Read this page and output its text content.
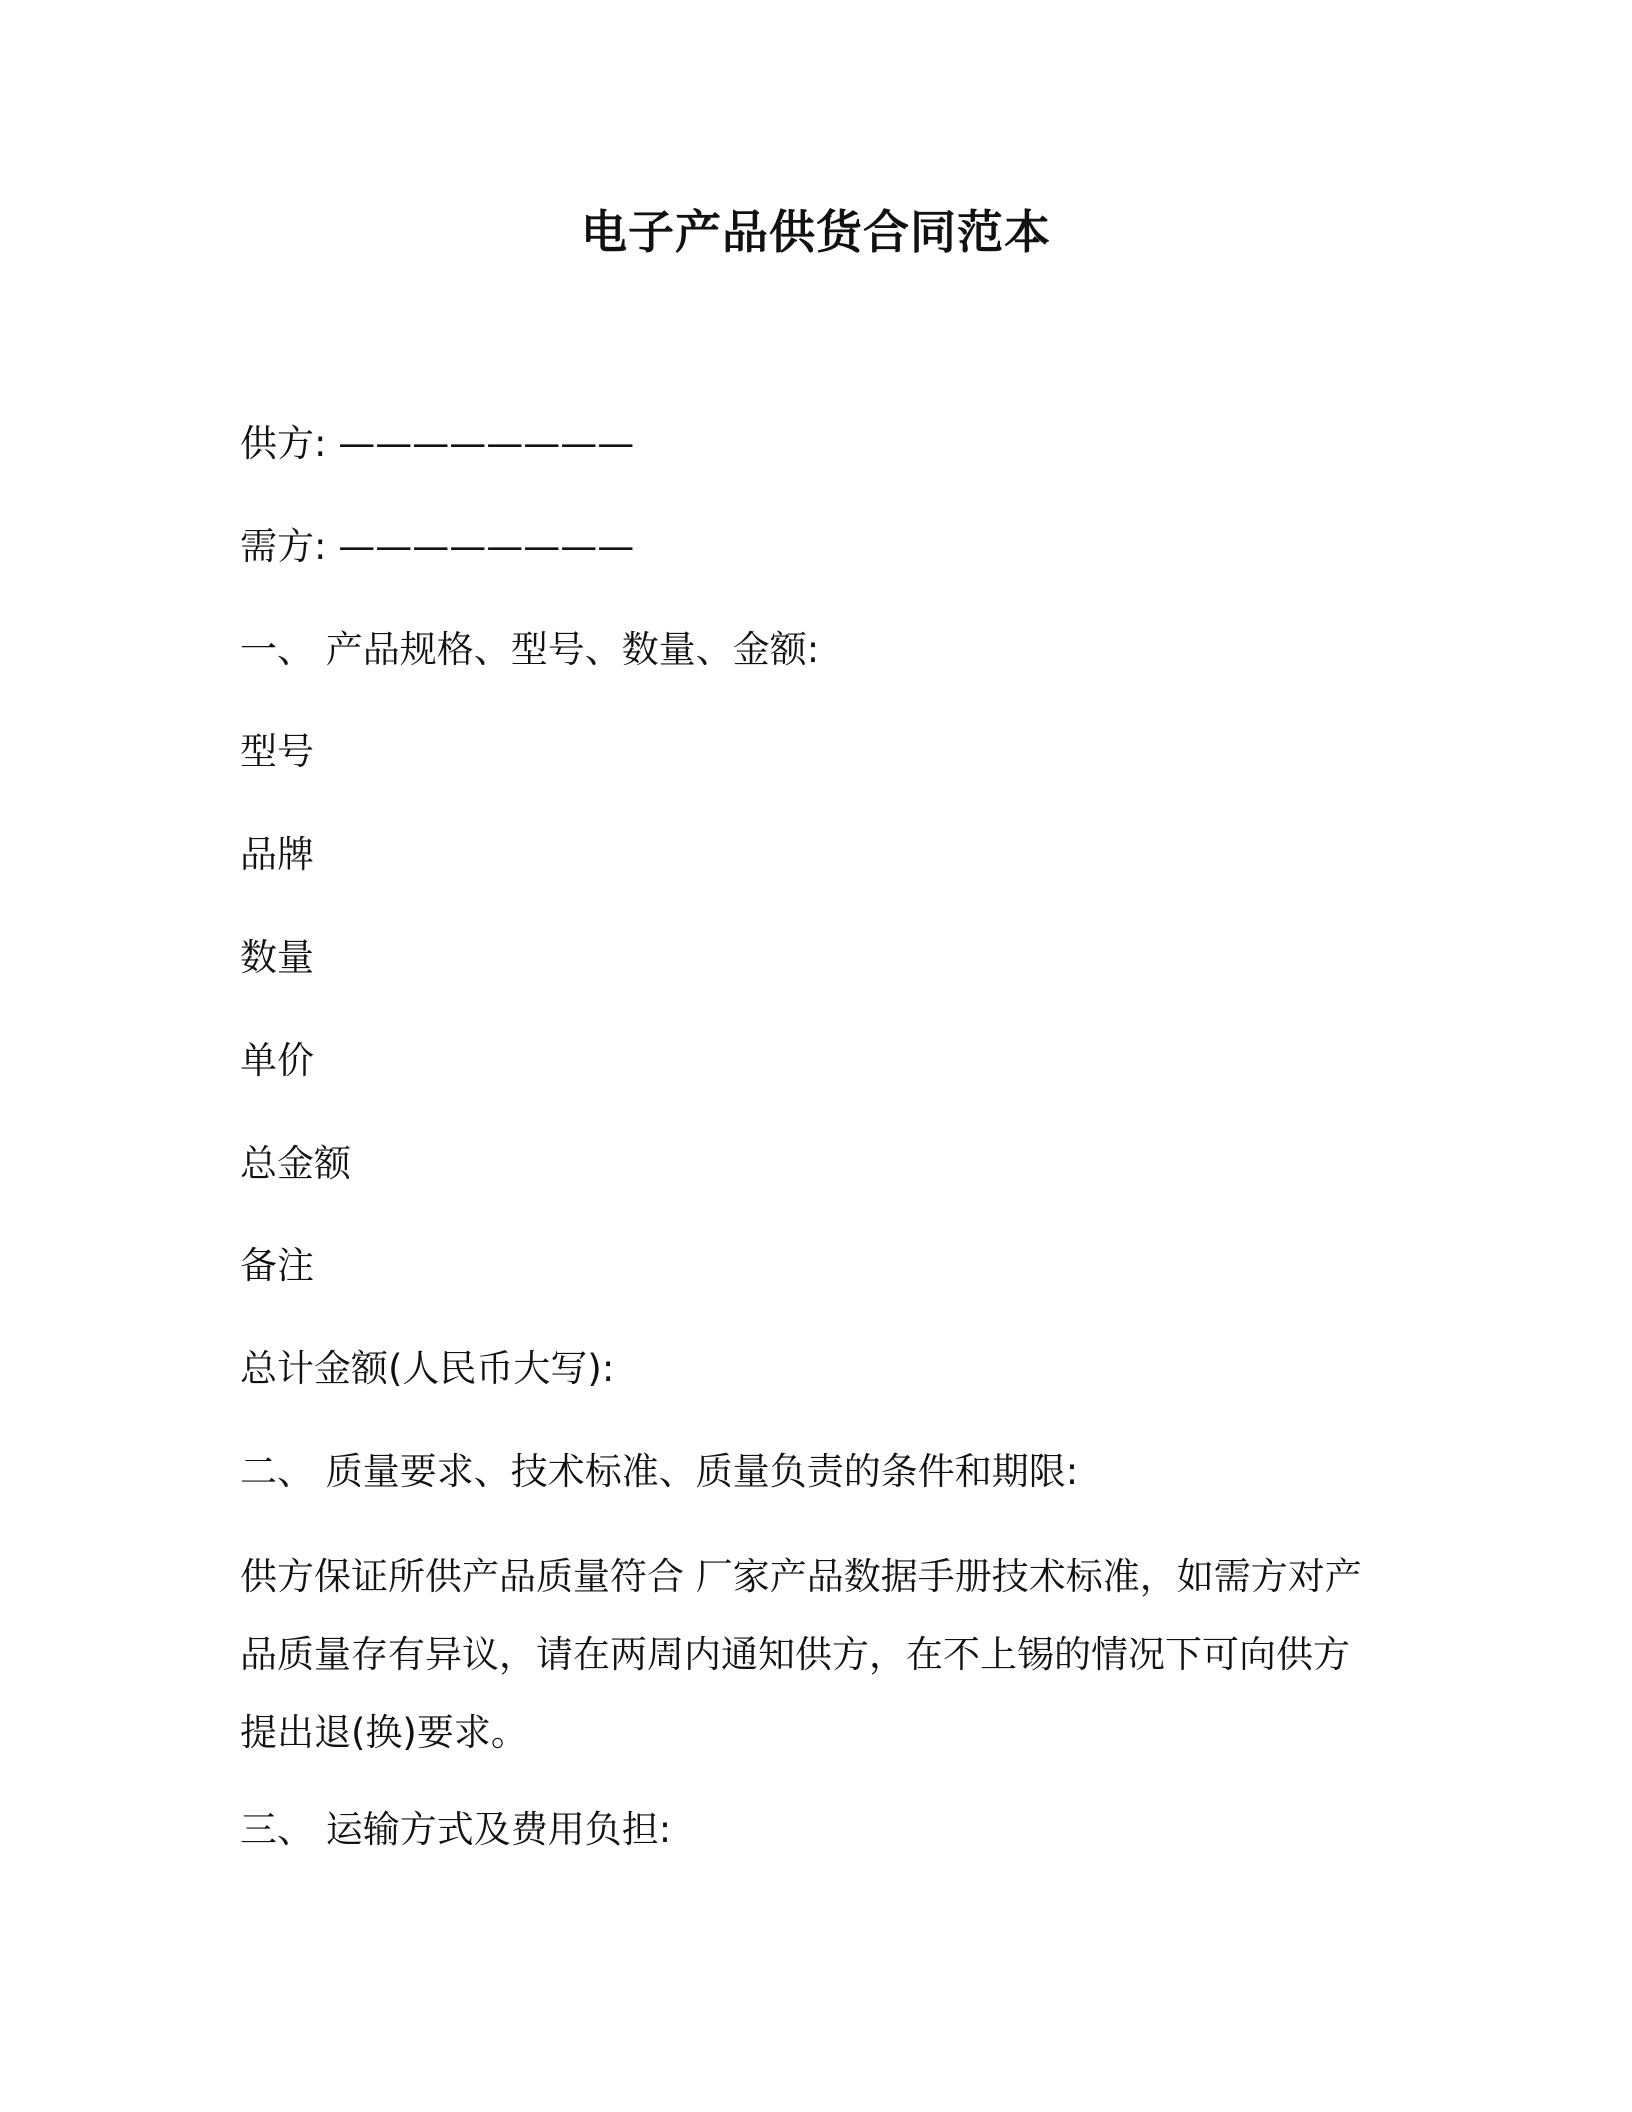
电子产品供货合同范本
供方: ————————
需方: ————————
一、 产品规格、型号、数量、金额:
型号
品牌
数量
单价
总金额
备注
总计金额(人民币大写):
二、 质量要求、技术标准、质量负责的条件和期限:
供方保证所供产品质量符合 厂家产品数据手册技术标准，如需方对产
品质量存有异议，请在两周内通知供方，在不上锡的情况下可向供方
提出退(换)要求。
三、 运输方式及费用负担:
